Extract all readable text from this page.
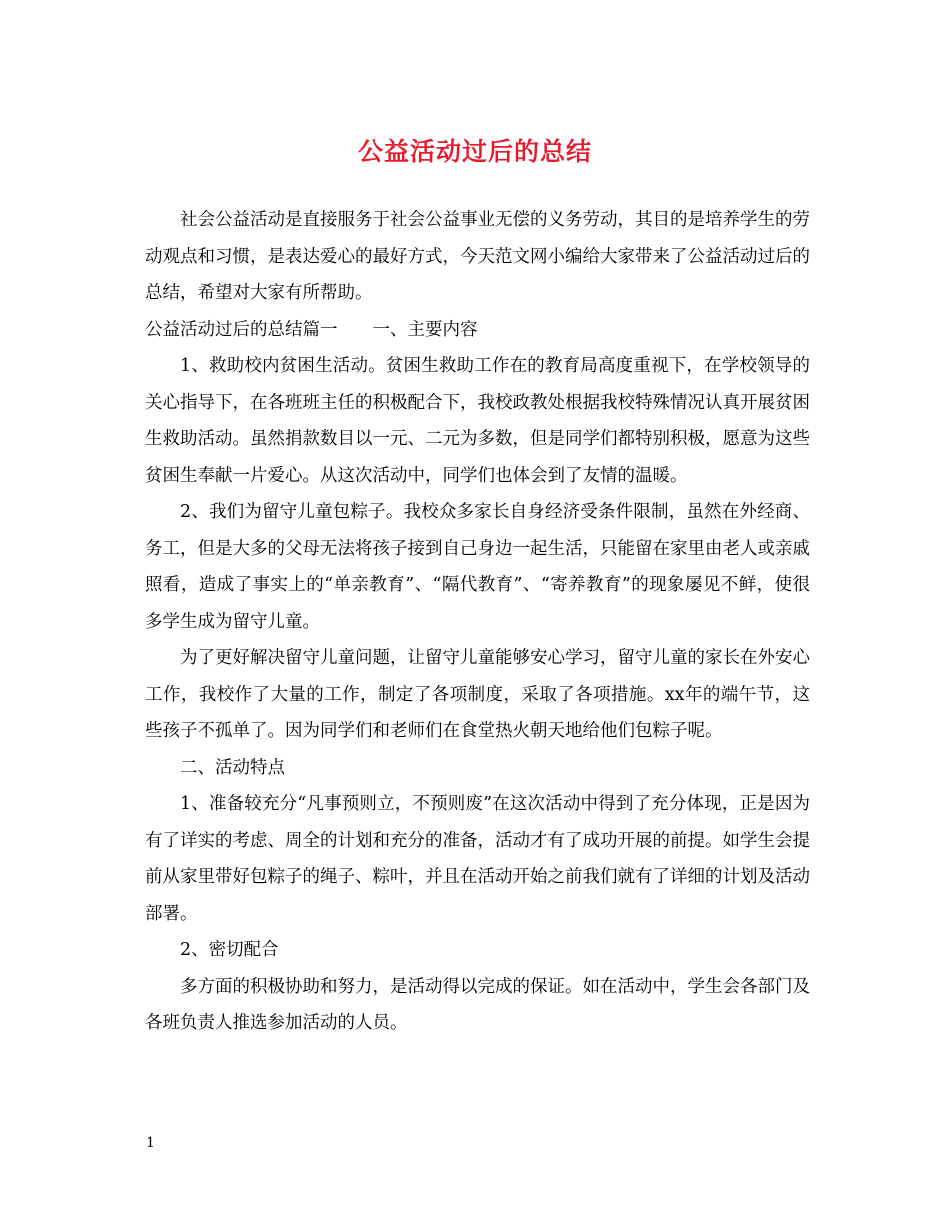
公益活动过后的总结

社会公益活动是直接服务于社会公益事业无偿的义务劳动，其目的是培养学生的劳动观点和习惯，是表达爱心的最好方式，今天范文网小编给大家带来了公益活动过后的总结，希望对大家有所帮助。

公益活动过后的总结篇一　　一、主要内容

1、救助校内贫困生活动。贫困生救助工作在的教育局高度重视下，在学校领导的关心指导下，在各班班主任的积极配合下，我校政教处根据我校特殊情况认真开展贫困生救助活动。虽然捐款数目以一元、二元为多数，但是同学们都特别积极，愿意为这些贫困生奉献一片爱心。从这次活动中，同学们也体会到了友情的温暖。

2、我们为留守儿童包粽子。我校众多家长自身经济受条件限制，虽然在外经商、务工，但是大多的父母无法将孩子接到自己身边一起生活，只能留在家里由老人或亲戚照看，造成了事实上的“单亲教育”、“隔代教育”、“寄养教育”的现象屡见不鲜，使很多学生成为留守儿童。

为了更好解决留守儿童问题，让留守儿童能够安心学习，留守儿童的家长在外安心工作，我校作了大量的工作，制定了各项制度，采取了各项措施。xx年的端午节，这些孩子不孤单了。因为同学们和老师们在食堂热火朝天地给他们包粽子呢。

二、活动特点

1、准备较充分“凡事预则立，不预则废”在这次活动中得到了充分体现，正是因为有了详实的考虑、周全的计划和充分的准备，活动才有了成功开展的前提。如学生会提前从家里带好包粽子的绳子、粽叶，并且在活动开始之前我们就有了详细的计划及活动部署。

2、密切配合

多方面的积极协助和努力，是活动得以完成的保证。如在活动中，学生会各部门及各班负责人推选参加活动的人员。

1
